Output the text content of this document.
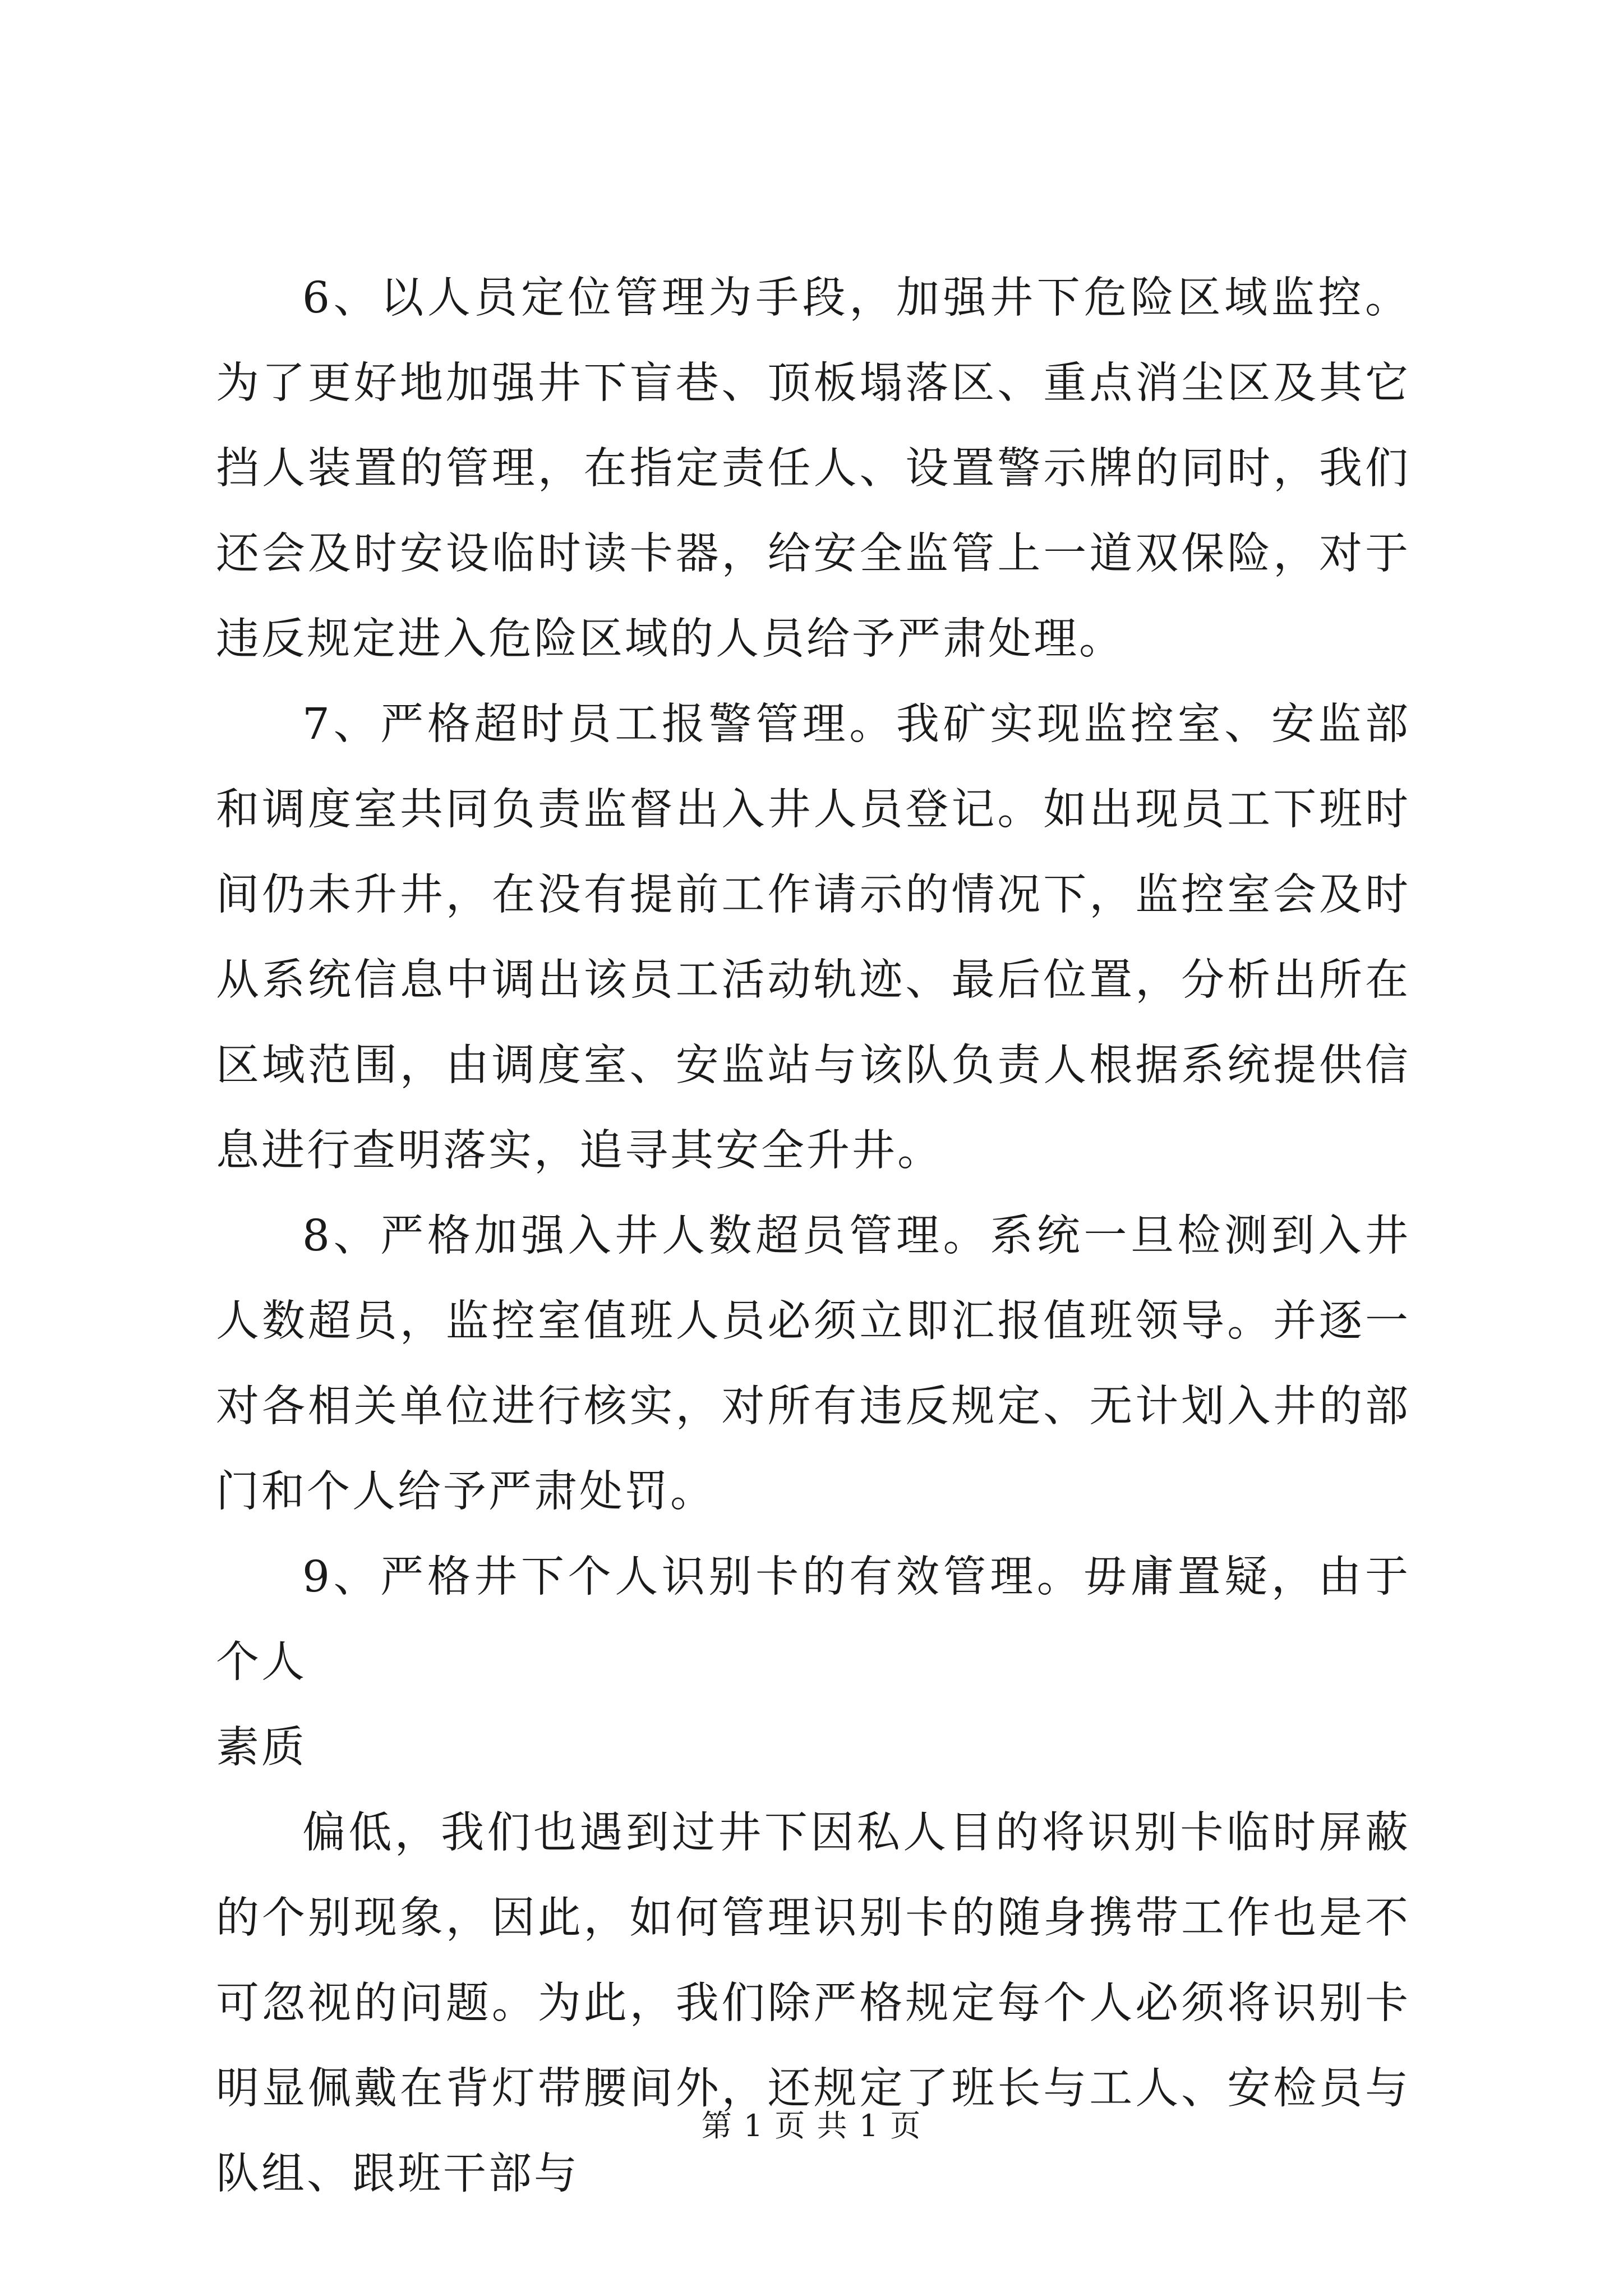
6、以人员定位管理为手段，加强井下危险区域监控。为了更好地加强井下盲巷、顶板塌落区、重点消尘区及其它挡人装置的管理，在指定责任人、设置警示牌的同时，我们还会及时安设临时读卡器，给安全监管上一道双保险，对于违反规定进入危险区域的人员给予严肃处理。

7、严格超时员工报警管理。我矿实现监控室、安监部和调度室共同负责监督出入井人员登记。如出现员工下班时间仍未升井，在没有提前工作请示的情况下，监控室会及时从系统信息中调出该员工活动轨迹、最后位置，分析出所在区域范围，由调度室、安监站与该队负责人根据系统提供信息进行查明落实，追寻其安全升井。

8、严格加强入井人数超员管理。系统一旦检测到入井人数超员，监控室值班人员必须立即汇报值班领导。并逐一对各相关单位进行核实，对所有违反规定、无计划入井的部门和个人给予严肃处罚。

9、严格井下个人识别卡的有效管理。毋庸置疑，由于个人

素质

偏低，我们也遇到过井下因私人目的将识别卡临时屏蔽的个别现象，因此，如何管理识别卡的随身携带工作也是不可忽视的问题。为此，我们除严格规定每个人必须将识别卡明显佩戴在背灯带腰间外，还规定了班长与工人、安检员与队组、跟班干部与

第 1 页 共 1 页
